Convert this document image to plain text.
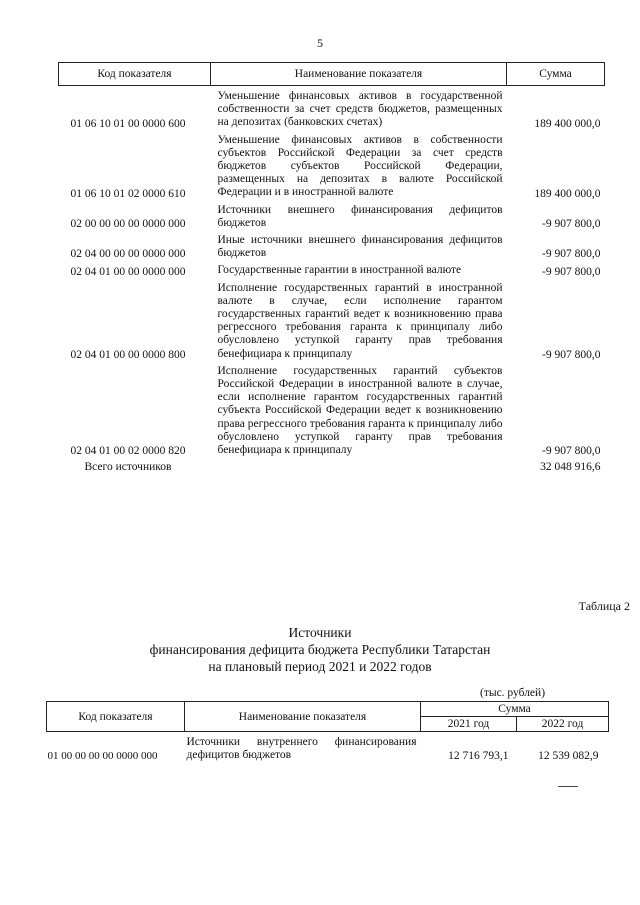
5
Код показателя	Наименование показателя	Сумма
01 06 10 01 00 0000 600	Уменьшение финансовых активов в государственной собственности за счет средств бюджетов, размещенных на депозитах (банковских счетах)	189 400 000,0
01 06 10 01 02 0000 610	Уменьшение финансовых активов в собственности субъектов Российской Федерации за счет средств бюджетов субъектов Российской Федерации, размещенных на депозитах в валюте Российской Федерации и в иностранной валюте	189 400 000,0
02 00 00 00 00 0000 000	Источники внешнего финансирования дефицитов бюджетов	-9 907 800,0
02 04 00 00 00 0000 000	Иные источники внешнего финансирования дефицитов бюджетов	-9 907 800,0
02 04 01 00 00 0000 000	Государственные гарантии в иностранной валюте	-9 907 800,0
02 04 01 00 00 0000 800	Исполнение государственных гарантий в иностранной валюте в случае, если исполнение гарантом государственных гарантий ведет к возникновению права регрессного требования гаранта к принципалу либо обусловлено уступкой гаранту прав требования бенефициара к принципалу	-9 907 800,0
02 04 01 00 02 0000 820	Исполнение государственных гарантий субъектов Российской Федерации в иностранной валюте в случае, если исполнение гарантом государственных гарантий субъекта Российской Федерации ведет к возникновению права регрессного требования гаранта к принципалу либо обусловлено уступкой гаранту прав требования бенефициара к принципалу	-9 907 800,0
Всего источников		32 048 916,6
Таблица 2
Источники
финансирования дефицита бюджета Республики Татарстан
на плановый период 2021 и 2022 годов
(тыс. рублей)
Код показателя	Наименование показателя	Сумма	
		2021 год	2022 год
01 00 00 00 00 0000 000	Источники внутреннего финансирования дефицитов бюджетов	12 716 793,1	12 539 082,9
